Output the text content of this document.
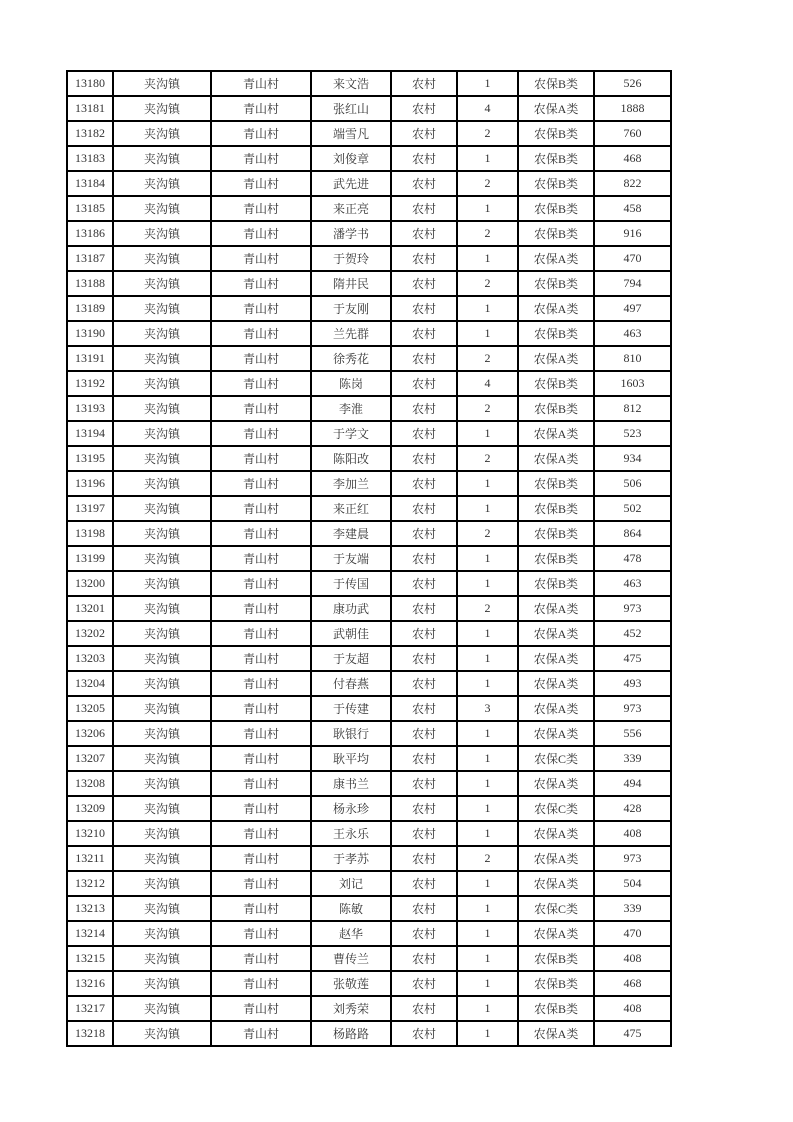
13180	夹沟镇	青山村	来文浩	农村	1	农保B类	526
13181	夹沟镇	青山村	张红山	农村	4	农保A类	1888
13182	夹沟镇	青山村	端雪凡	农村	2	农保B类	760
13183	夹沟镇	青山村	刘俊章	农村	1	农保B类	468
13184	夹沟镇	青山村	武先进	农村	2	农保B类	822
13185	夹沟镇	青山村	来正亮	农村	1	农保B类	458
13186	夹沟镇	青山村	潘学书	农村	2	农保B类	916
13187	夹沟镇	青山村	于贺玲	农村	1	农保A类	470
13188	夹沟镇	青山村	隋井民	农村	2	农保B类	794
13189	夹沟镇	青山村	于友刚	农村	1	农保A类	497
13190	夹沟镇	青山村	兰先群	农村	1	农保B类	463
13191	夹沟镇	青山村	徐秀花	农村	2	农保A类	810
13192	夹沟镇	青山村	陈岗	农村	4	农保B类	1603
13193	夹沟镇	青山村	李淮	农村	2	农保B类	812
13194	夹沟镇	青山村	于学文	农村	1	农保A类	523
13195	夹沟镇	青山村	陈阳改	农村	2	农保A类	934
13196	夹沟镇	青山村	李加兰	农村	1	农保B类	506
13197	夹沟镇	青山村	来正红	农村	1	农保B类	502
13198	夹沟镇	青山村	李建晨	农村	2	农保B类	864
13199	夹沟镇	青山村	于友端	农村	1	农保B类	478
13200	夹沟镇	青山村	于传国	农村	1	农保B类	463
13201	夹沟镇	青山村	康功武	农村	2	农保A类	973
13202	夹沟镇	青山村	武朝佳	农村	1	农保A类	452
13203	夹沟镇	青山村	于友超	农村	1	农保A类	475
13204	夹沟镇	青山村	付春燕	农村	1	农保A类	493
13205	夹沟镇	青山村	于传建	农村	3	农保A类	973
13206	夹沟镇	青山村	耿银行	农村	1	农保A类	556
13207	夹沟镇	青山村	耿平均	农村	1	农保C类	339
13208	夹沟镇	青山村	康书兰	农村	1	农保A类	494
13209	夹沟镇	青山村	杨永珍	农村	1	农保C类	428
13210	夹沟镇	青山村	王永乐	农村	1	农保A类	408
13211	夹沟镇	青山村	于孝苏	农村	2	农保A类	973
13212	夹沟镇	青山村	刘记	农村	1	农保A类	504
13213	夹沟镇	青山村	陈敏	农村	1	农保C类	339
13214	夹沟镇	青山村	赵华	农村	1	农保A类	470
13215	夹沟镇	青山村	曹传兰	农村	1	农保B类	408
13216	夹沟镇	青山村	张敬莲	农村	1	农保B类	468
13217	夹沟镇	青山村	刘秀荣	农村	1	农保B类	408
13218	夹沟镇	青山村	杨路路	农村	1	农保A类	475
